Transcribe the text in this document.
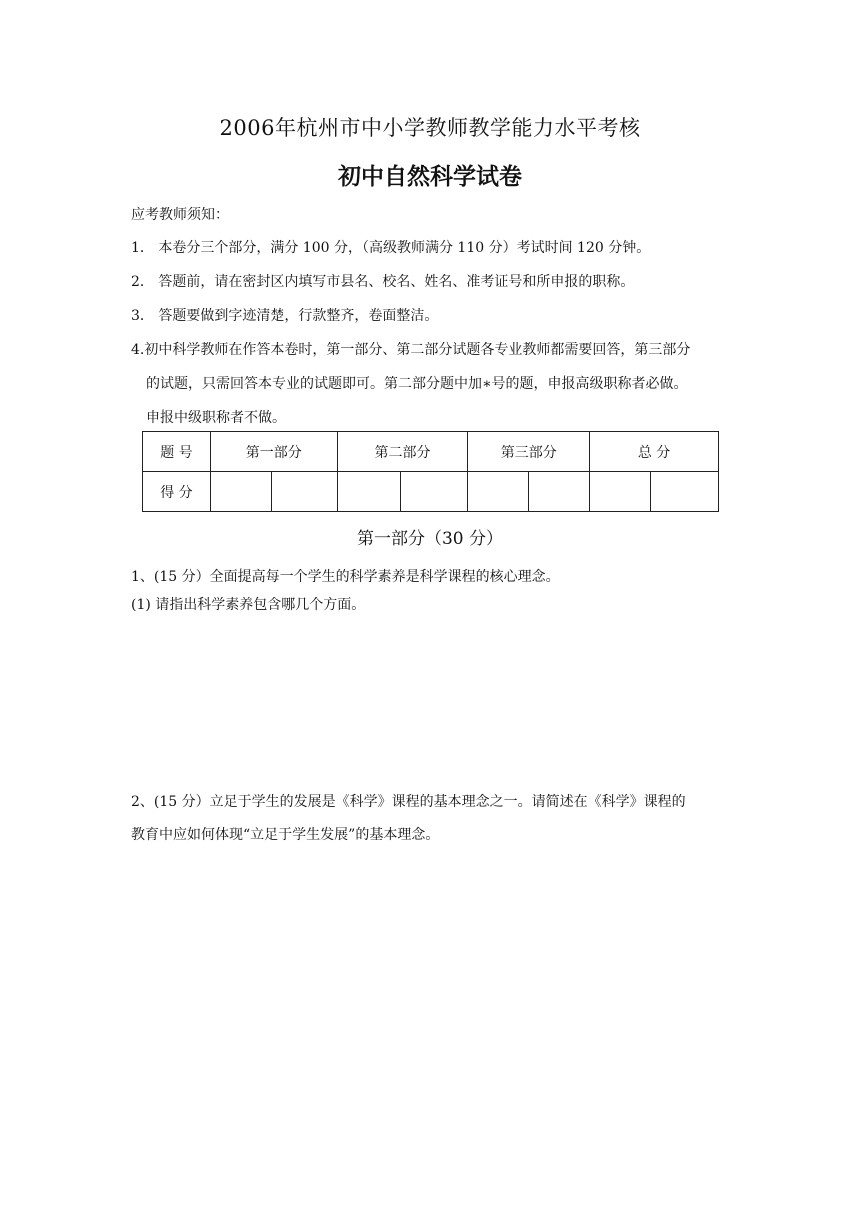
2006年杭州市中小学教师教学能力水平考核
初中自然科学试卷
应考教师须知：
1． 本卷分三个部分，满分 100 分，（高级教师满分 110 分）考试时间 120 分钟。
2． 答题前，请在密封区内填写市县名、校名、姓名、准考证号和所申报的职称。
3． 答题要做到字迹清楚，行款整齐，卷面整洁。
4.初中科学教师在作答本卷时，第一部分、第二部分试题各专业教师都需要回答，第三部分
的试题，只需回答本专业的试题即可。第二部分题中加∗号的题，申报高级职称者必做。
申报中级职称者不做。
题 号	第一部分		第二部分		第三部分		总 分	
得 分								
第一部分（30 分）
1、(15 分）全面提高每一个学生的科学素养是科学课程的核心理念。
(1) 请指出科学素养包含哪几个方面。
2、(15 分）立足于学生的发展是《科学》课程的基本理念之一。请简述在《科学》课程的
教育中应如何体现“立足于学生发展”的基本理念。
